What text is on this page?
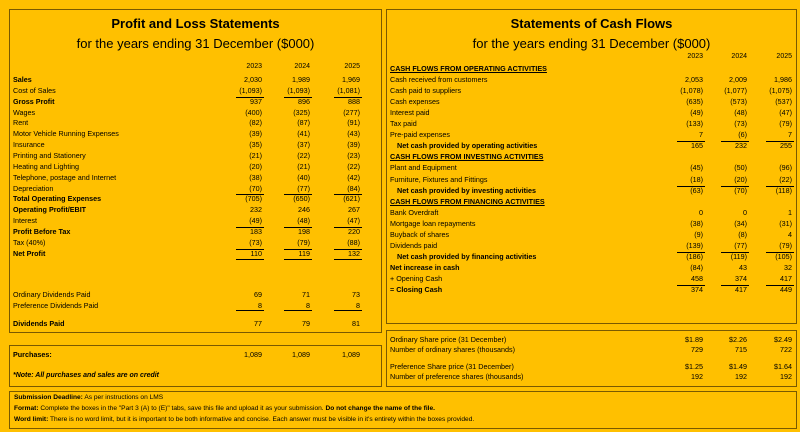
Profit and Loss Statements
for the years ending 31 December ($000)
2023	2024	2025
Sales	2,030	1,989	1,969
Cost of Sales	(1,093)	(1,093)	(1,081)
Gross Profit	937	896	888
Wages	(400)	(325)	(277)
Rent	(82)	(87)	(91)
Motor Vehicle Running Expenses	(39)	(41)	(43)
Insurance	(35)	(37)	(39)
Printing and Stationery	(21)	(22)	(23)
Heating and Lighting	(20)	(21)	(22)
Telephone, postage and Internet	(38)	(40)	(42)
Depreciation	(70)	(77)	(84)
Total Operating Expenses	(705)	(650)	(621)
Operating Profit/EBIT	232	246	267
Interest	(49)	(48)	(47)
Profit Before Tax	183	198	220
Tax (40%)	(73)	(79)	(88)
Net Profit	110	119	132
Ordinary Dividends Paid	69	71	73
Preference Dividends Paid	8	8	8
Dividends Paid	77	79	81
Purchases:	1,089	1,089	1,089
*Note: All purchases and sales are on credit
Statements of Cash Flows
for the years ending 31 December ($000)
2023	2024	2025
CASH FLOWS FROM OPERATING ACTIVITIES
Cash received from customers	2,053	2,009	1,986
Cash paid to suppliers	(1,078)	(1,077)	(1,075)
Cash expenses	(635)	(573)	(537)
Interest paid	(49)	(48)	(47)
Tax paid	(133)	(73)	(79)
Pre-paid expenses	7	(6)	7
Net cash provided by operating activities	165	232	255
CASH FLOWS FROM INVESTING ACTIVITIES
Plant and Equipment	(45)	(50)	(96)
Furniture, Fixtures and Fittings	(18)	(20)	(22)
Net cash provided by investing activities	(63)	(70)	(118)
CASH FLOWS FROM FINANCING ACTIVITIES
Bank Overdraft	0	0	1
Mortgage loan repayments	(38)	(34)	(31)
Buyback of shares	(9)	(8)	4
Dividends paid	(139)	(77)	(79)
Net cash provided by financing activities	(186)	(119)	(105)
Net increase in cash	(84)	43	32
+ Opening Cash	458	374	417
= Closing Cash	374	417	449
Ordinary Share price (31 December)	$1.89	$2.26	$2.49
Number of ordinary shares (thousands)	729	715	722
Preference Share price (31 December)	$1.25	$1.49	$1.64
Number of preference shares (thousands)	192	192	192
Submission Deadline: As per instructions on LMS
Format: Complete the boxes in the "Part 3 (A) to (E)" tabs, save this file and upload it as your submission. Do not change the name of the file.
Word limit: There is no word limit, but it is important to be both informative and concise. Each answer must be visible in it's entirety within the boxes provided.
